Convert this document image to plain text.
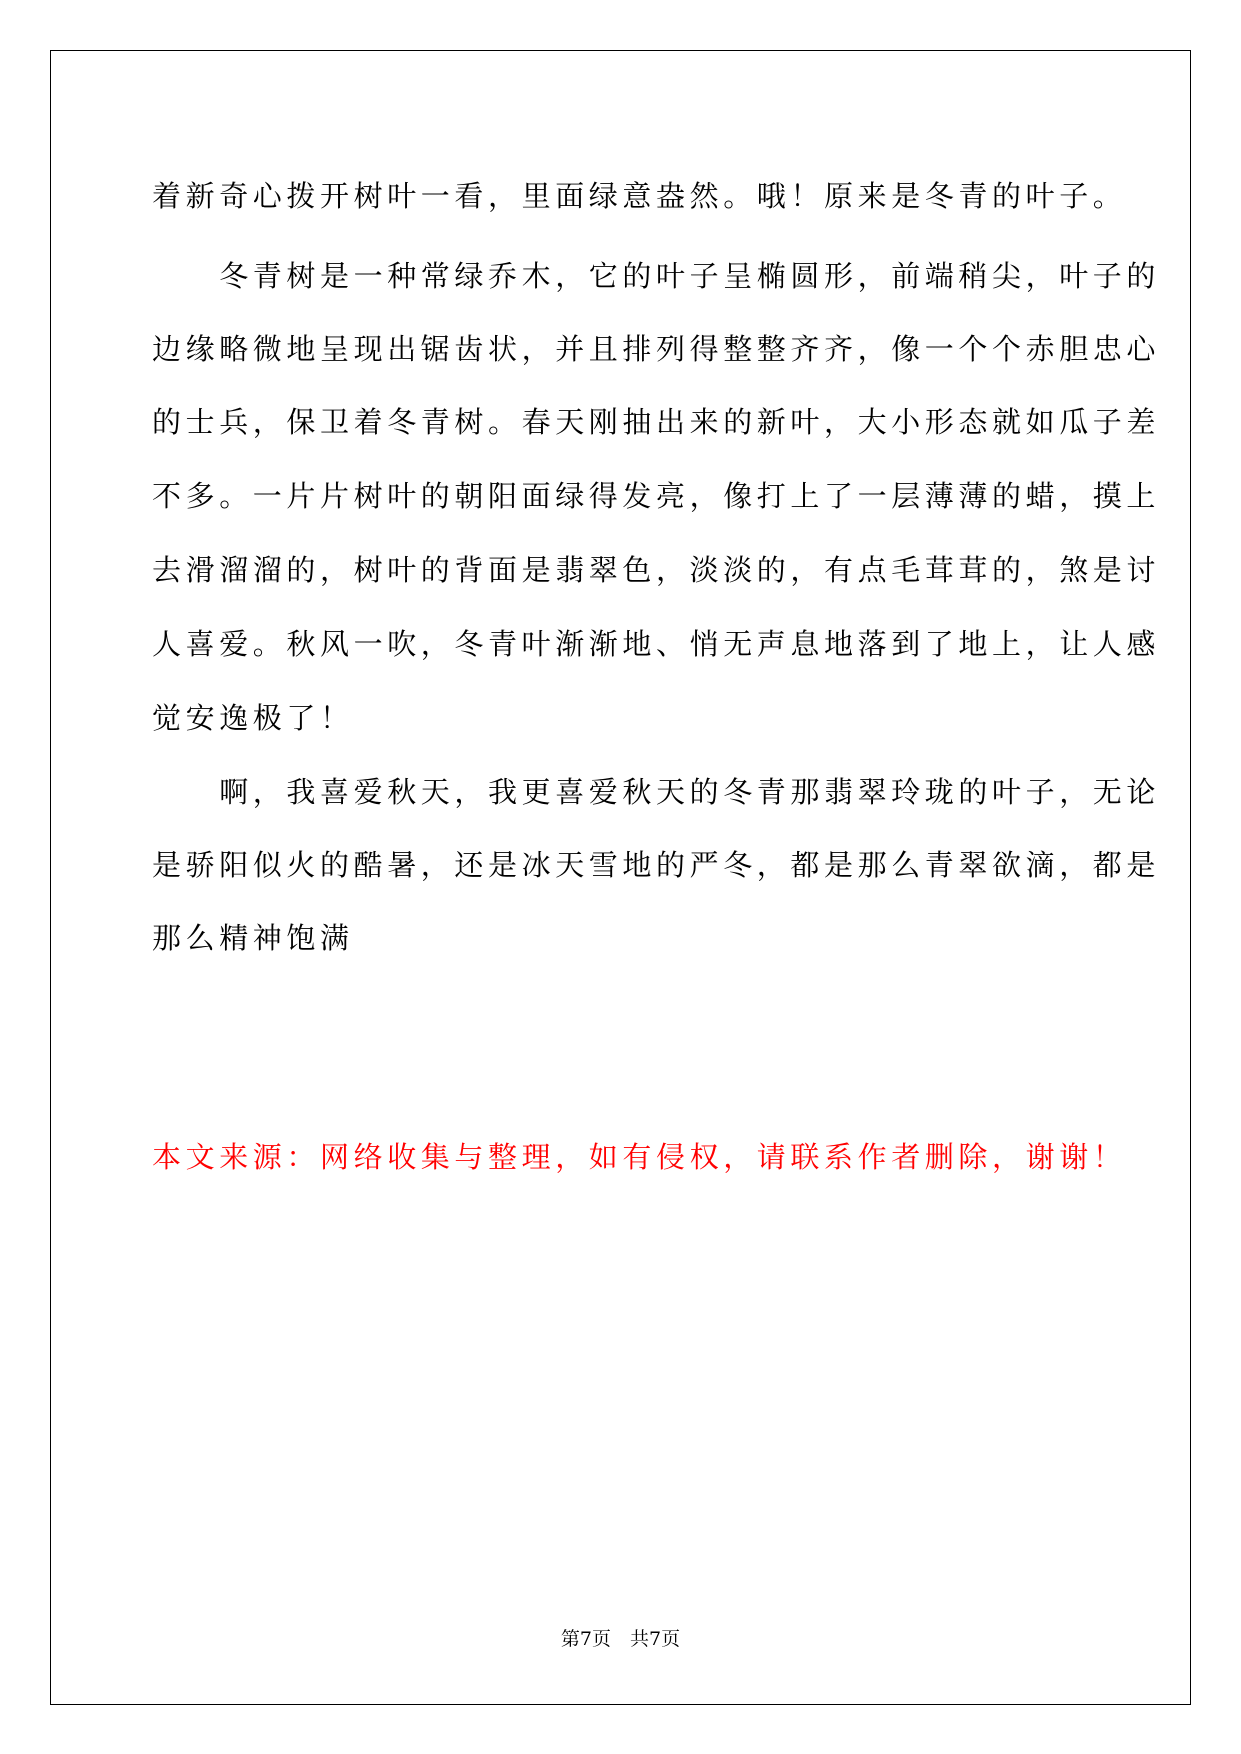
着新奇心拨开树叶一看，里面绿意盎然。哦！原来是冬青的叶子。
　　冬青树是一种常绿乔木，它的叶子呈椭圆形，前端稍尖，叶子的
边缘略微地呈现出锯齿状，并且排列得整整齐齐，像一个个赤胆忠心
的士兵，保卫着冬青树。春天刚抽出来的新叶，大小形态就如瓜子差
不多。一片片树叶的朝阳面绿得发亮，像打上了一层薄薄的蜡，摸上
去滑溜溜的，树叶的背面是翡翠色，淡淡的，有点毛茸茸的，煞是讨
人喜爱。秋风一吹，冬青叶渐渐地、悄无声息地落到了地上，让人感
觉安逸极了！
　　啊，我喜爱秋天，我更喜爱秋天的冬青那翡翠玲珑的叶子，无论
是骄阳似火的酷暑，还是冰天雪地的严冬，都是那么青翠欲滴，都是
那么精神饱满
本文来源：网络收集与整理，如有侵权，请联系作者删除，谢谢！
第7页　共7页
